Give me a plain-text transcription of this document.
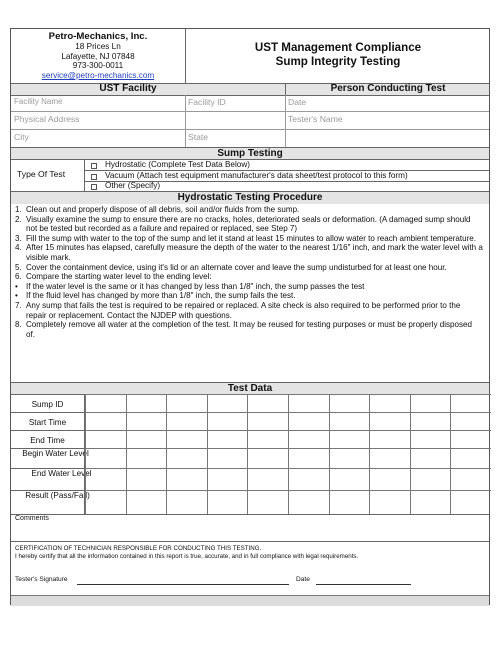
Petro-Mechanics, Inc.
18 Prices Ln
Lafayette, NJ 07848
973-300-0011
service@petro-mechanics.com
UST Management Compliance
Sump Integrity Testing
UST Facility	Person Conducting Test
Facility Name	Facility ID	Date
Physical Address	Tester's Name
City	State
Sump Testing
Type Of Test
Hydrostatic (Complete Test Data Below)
Vacuum (Attach test equipment manufacturer's data sheet/test protocol to this form)
Other (Specify)
Hydrostatic Testing Procedure
1. Clean out and properly dispose of all debris, soil and/or fluids from the sump.
2. Visually examine the sump to ensure there are no cracks, holes, deteriorated seals or deformation. (A damaged sump should not be tested but recorded as a failure and repaired or replaced, see Step 7)
3. Fill the sump with water to the top of the sump and let it stand at least 15 minutes to allow water to reach ambient temperature.
4. After 15 minutes has elapsed, carefully measure the depth of the water to the nearest 1/16" inch, and mark the water level with a visible mark.
5. Cover the containment device, using it's lid or an alternate cover and leave the sump undisturbed for at least one hour.
6. Compare the starting water level to the ending level:
• If the water level is the same or it has changed by less than 1/8" inch, the sump passes the test
• If the fluid level has changed by more than 1/8" inch, the sump fails the test.
7. Any sump that fails the test is required to be repaired or replaced. A site check is also required to be performed prior to the repair or replacement. Contact the NJDEP with questions.
8. Completely remove all water at the completion of the test. It may be reused for testing purposes or must be properly disposed of.
Test Data
Sump ID
Start Time
End Time
Begin Water Level
End Water Level
Result (Pass/Fail)
Comments
CERTIFICATION OF TECHNICIAN RESPONSIBLE FOR CONDUCTING THIS TESTING.
I hereby certify that all the information contained in this report is true, accurate, and in full compliance with legal requirements.
Tester's Signature	Date
